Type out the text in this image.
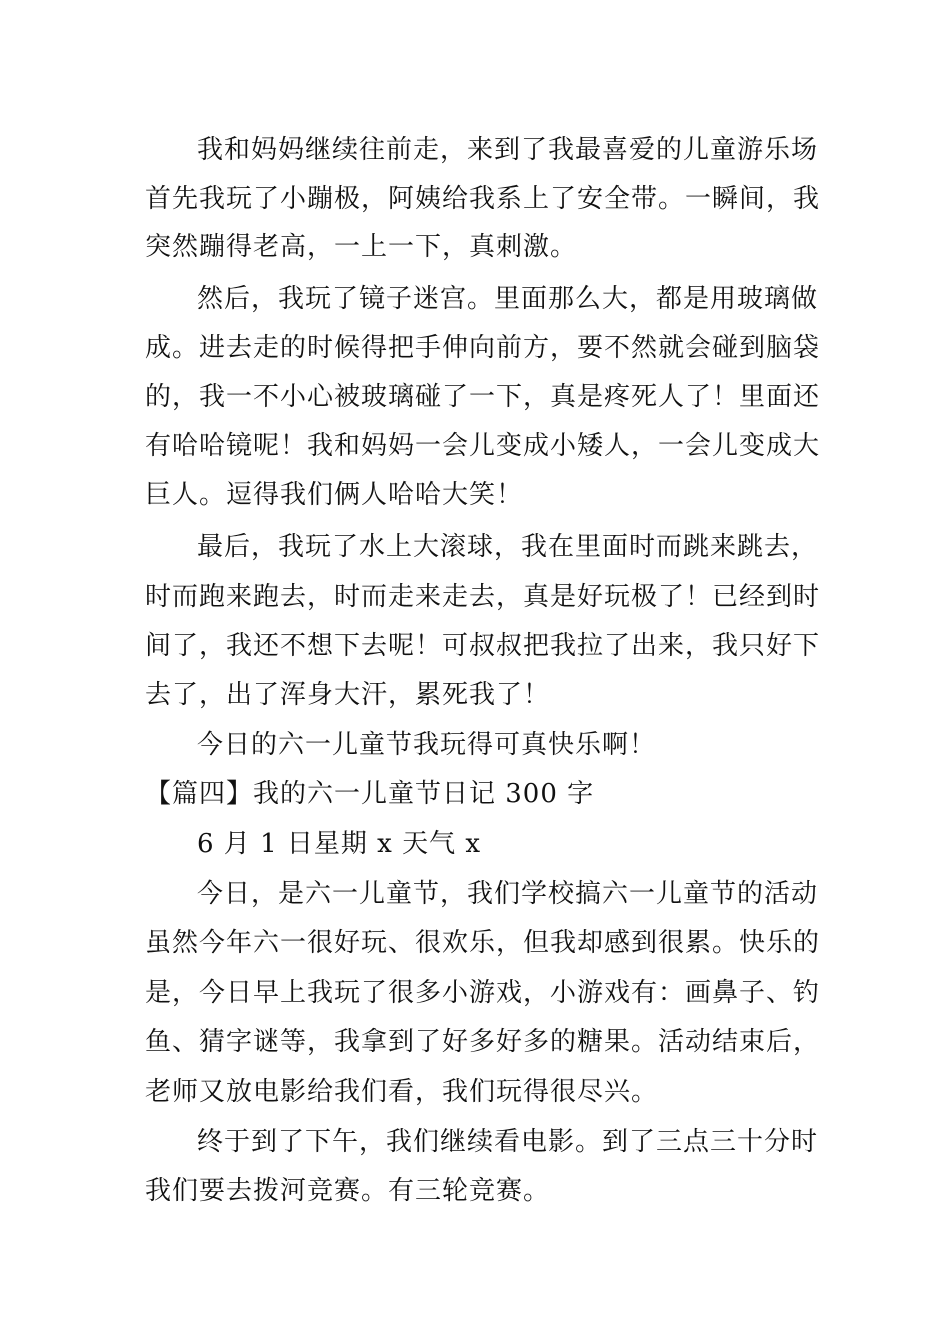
我和妈妈继续往前走，来到了我最喜爱的儿童游乐场
首先我玩了小蹦极，阿姨给我系上了安全带。一瞬间，我
突然蹦得老高，一上一下，真刺激。
然后，我玩了镜子迷宫。里面那么大，都是用玻璃做
成。进去走的时候得把手伸向前方，要不然就会碰到脑袋
的，我一不小心被玻璃碰了一下，真是疼死人了！里面还
有哈哈镜呢！我和妈妈一会儿变成小矮人，一会儿变成大
巨人。逗得我们俩人哈哈大笑！
最后，我玩了水上大滚球，我在里面时而跳来跳去，
时而跑来跑去，时而走来走去，真是好玩极了！已经到时
间了，我还不想下去呢！可叔叔把我拉了出来，我只好下
去了，出了浑身大汗，累死我了！
今日的六一儿童节我玩得可真快乐啊！
【篇四】我的六一儿童节日记 300 字
6 月 1 日星期 x 天气 x
今日，是六一儿童节，我们学校搞六一儿童节的活动
虽然今年六一很好玩、很欢乐，但我却感到很累。快乐的
是，今日早上我玩了很多小游戏，小游戏有：画鼻子、钓
鱼、猜字谜等，我拿到了好多好多的糖果。活动结束后，
老师又放电影给我们看，我们玩得很尽兴。
终于到了下午，我们继续看电影。到了三点三十分时
我们要去拨河竞赛。有三轮竞赛。
